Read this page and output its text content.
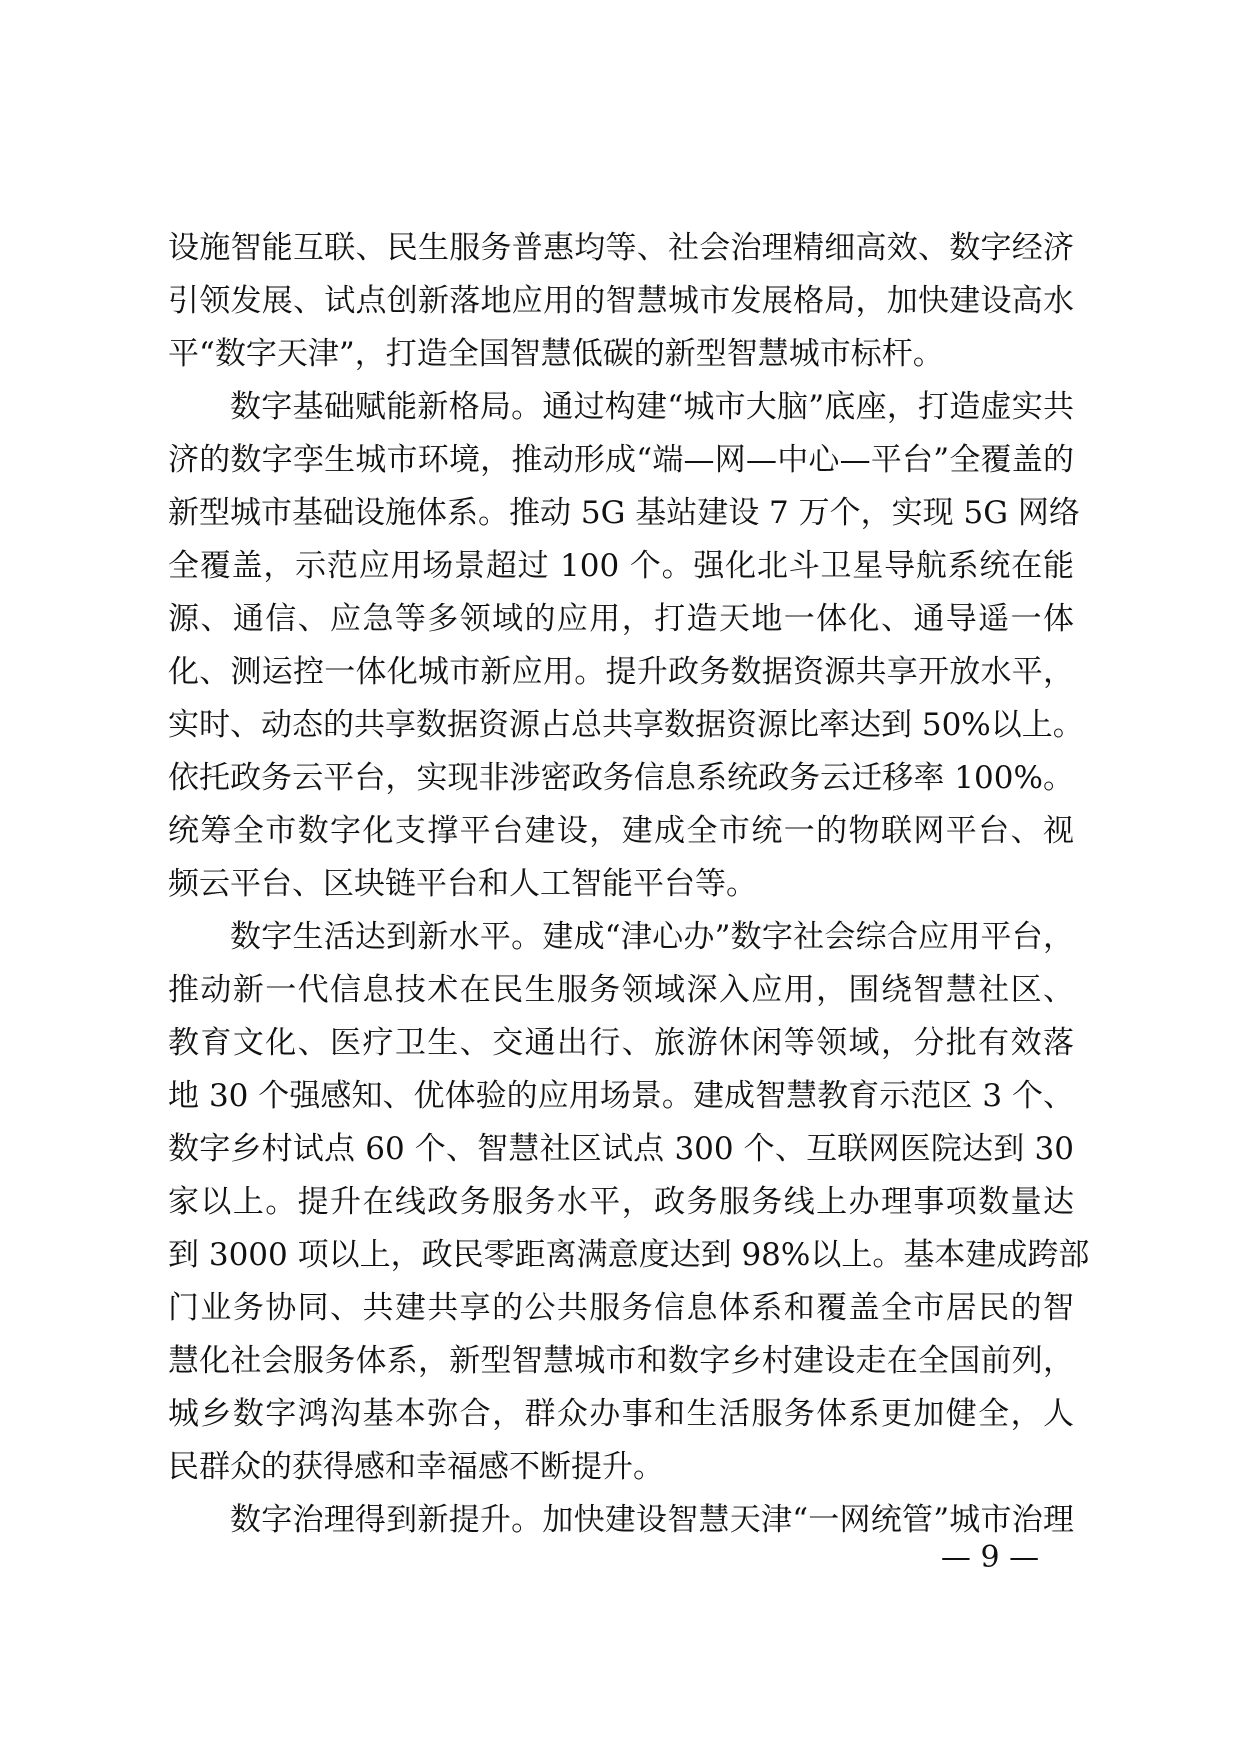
设施智能互联、民生服务普惠均等、社会治理精细高效、数字经济
引领发展、试点创新落地应用的智慧城市发展格局，加快建设高水
平“数字天津”，打造全国智慧低碳的新型智慧城市标杆。
数字基础赋能新格局。通过构建“城市大脑”底座，打造虚实共
济的数字孪生城市环境，推动形成“端—网—中心—平台”全覆盖的
新型城市基础设施体系。推动 5G 基站建设 7 万个，实现 5G 网络
全覆盖，示范应用场景超过 100 个。强化北斗卫星导航系统在能
源、通信、应急等多领域的应用，打造天地一体化、通导遥一体
化、测运控一体化城市新应用。提升政务数据资源共享开放水平，
实时、动态的共享数据资源占总共享数据资源比率达到 50%以上。
依托政务云平台，实现非涉密政务信息系统政务云迁移率 100%。
统筹全市数字化支撑平台建设，建成全市统一的物联网平台、视
频云平台、区块链平台和人工智能平台等。
数字生活达到新水平。建成“津心办”数字社会综合应用平台，
推动新一代信息技术在民生服务领域深入应用，围绕智慧社区、
教育文化、医疗卫生、交通出行、旅游休闲等领域，分批有效落
地 30 个强感知、优体验的应用场景。建成智慧教育示范区 3 个、
数字乡村试点 60 个、智慧社区试点 300 个、互联网医院达到 30
家以上。提升在线政务服务水平，政务服务线上办理事项数量达
到 3000 项以上，政民零距离满意度达到 98%以上。基本建成跨部
门业务协同、共建共享的公共服务信息体系和覆盖全市居民的智
慧化社会服务体系，新型智慧城市和数字乡村建设走在全国前列，
城乡数字鸿沟基本弥合，群众办事和生活服务体系更加健全，人
民群众的获得感和幸福感不断提升。
数字治理得到新提升。加快建设智慧天津“一网统管”城市治理
— 9 —
